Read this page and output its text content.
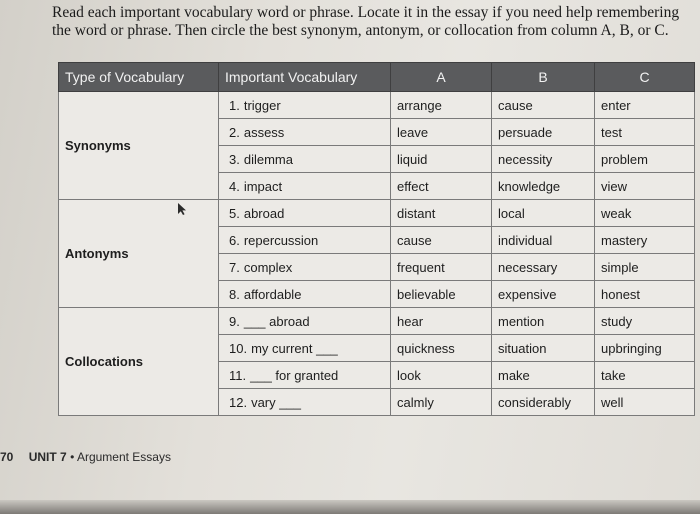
Read each important vocabulary word or phrase. Locate it in the essay if you need help remembering
the word or phrase. Then circle the best synonym, antonym, or collocation from column A, B, or C.
Type of Vocabulary	Important Vocabulary	A	B	C
Synonyms	1. trigger	arrange	cause	enter
	2. assess	leave	persuade	test
	3. dilemma	liquid	necessity	problem
	4. impact	effect	knowledge	view
Antonyms	5. abroad	distant	local	weak
	6. repercussion	cause	individual	mastery
	7. complex	frequent	necessary	simple
	8. affordable	believable	expensive	honest
Collocations	9. ___ abroad	hear	mention	study
	10. my current ___	quickness	situation	upbringing
	11. ___ for granted	look	make	take
	12. vary ___	calmly	considerably	well
70 UNIT 7 • Argument Essays
